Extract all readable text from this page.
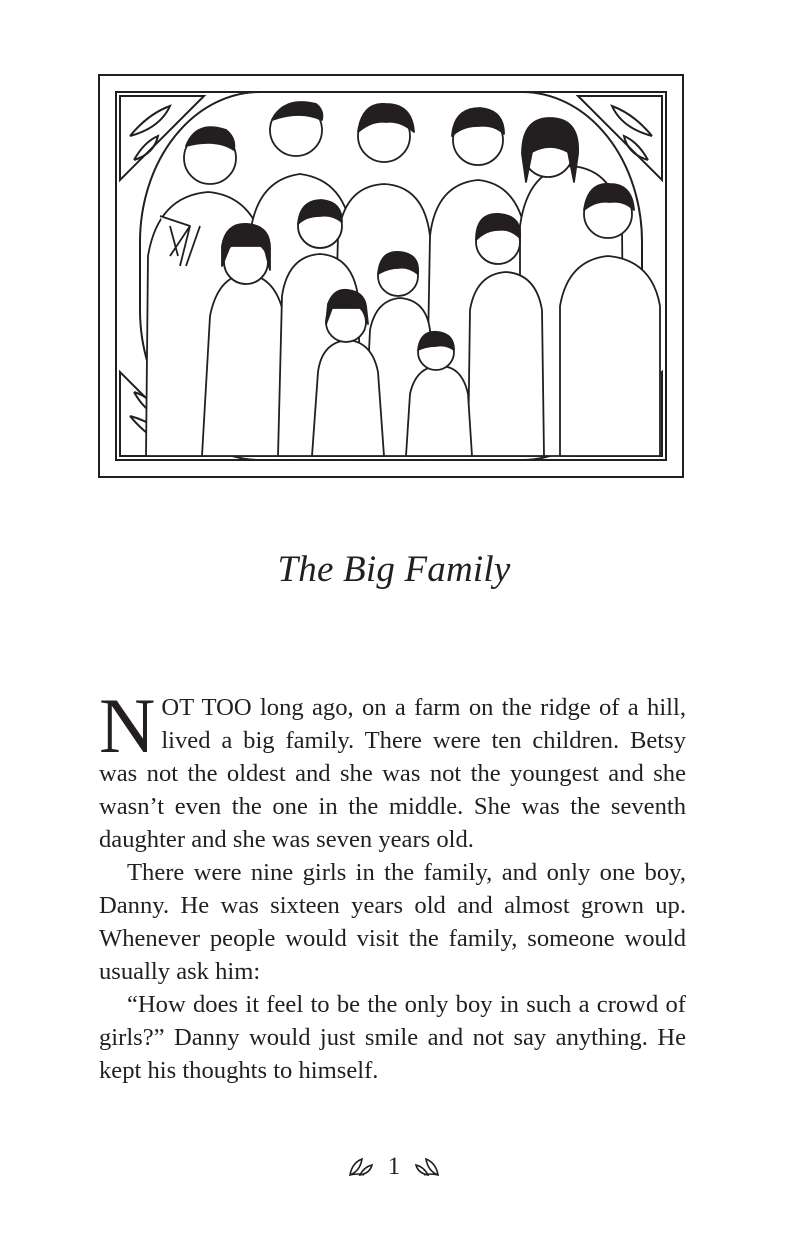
The Big Family

NOT TOO long ago, on a farm on the ridge of a hill, lived a big family. There were ten children. Betsy was not the oldest and she was not the youngest and she wasn’t even the one in the middle. She was the seventh daughter and she was seven years old.

There were nine girls in the family, and only one boy, Danny. He was sixteen years old and almost grown up. Whenever people would visit the family, someone would usually ask him:

“How does it feel to be the only boy in such a crowd of girls?” Danny would just smile and not say anything. He kept his thoughts to himself.

1
